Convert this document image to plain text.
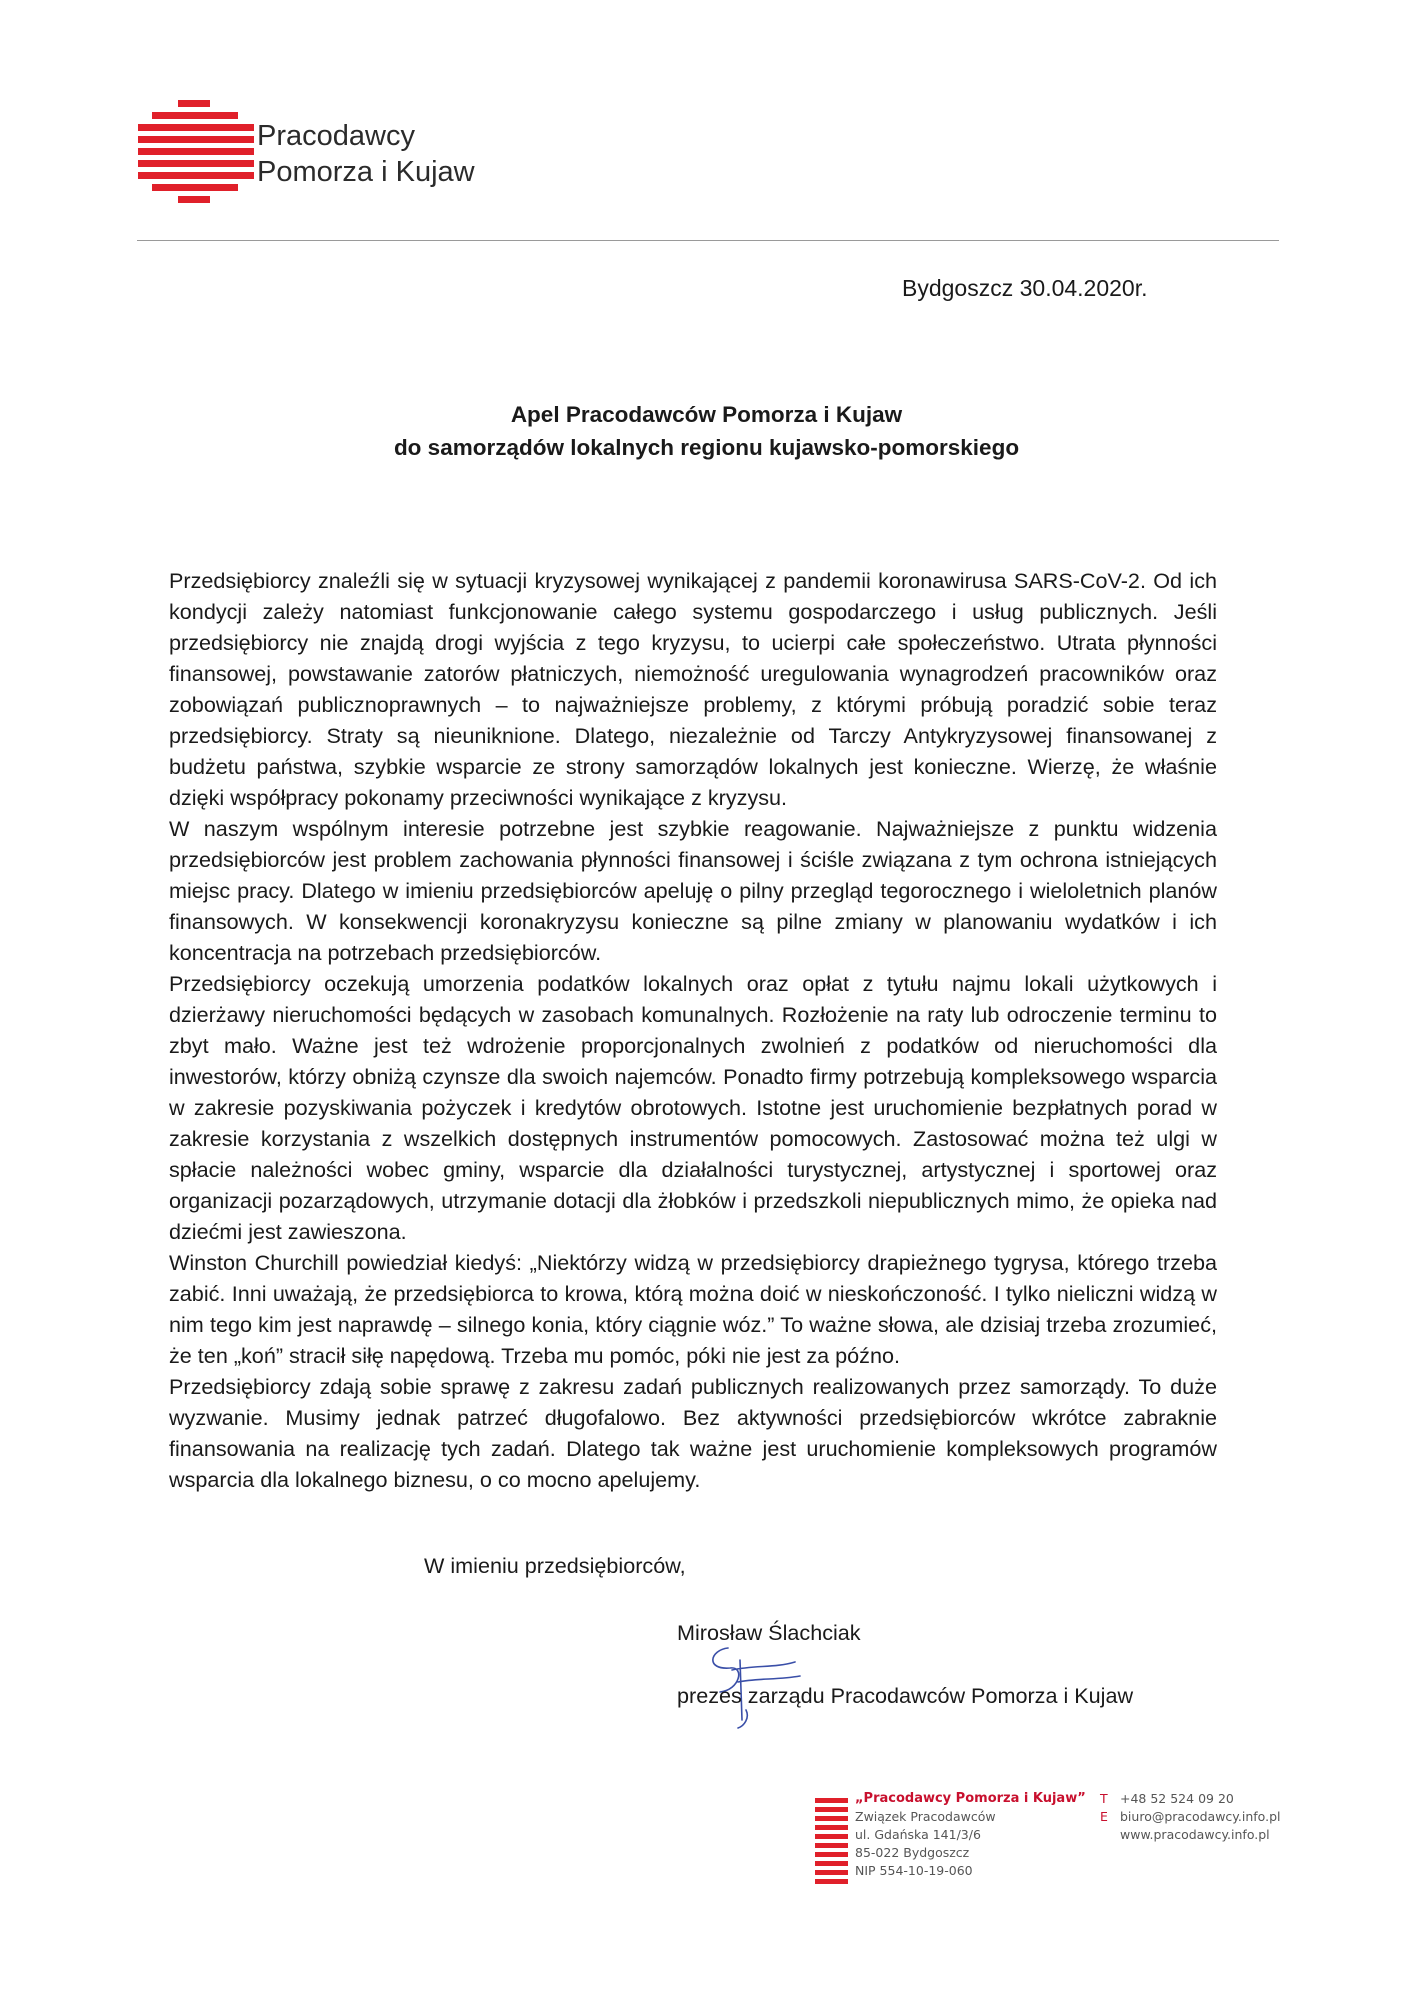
Pracodawcy
Pomorza i Kujaw
Bydgoszcz 30.04.2020r.
Apel Pracodawców Pomorza i Kujaw
do samorządów lokalnych regionu kujawsko-pomorskiego

Przedsiębiorcy znaleźli się w sytuacji kryzysowej wynikającej z pandemii koronawirusa SARS-CoV-2. Od ich kondycji zależy natomiast funkcjonowanie całego systemu gospodarczego i usług publicznych. Jeśli przedsiębiorcy nie znajdą drogi wyjścia z tego kryzysu, to ucierpi całe społeczeństwo. Utrata płynności finansowej, powstawanie zatorów płatniczych, niemożność uregulowania wynagrodzeń pracowników oraz zobowiązań publicznoprawnych – to najważniejsze problemy, z którymi próbują poradzić sobie teraz przedsiębiorcy. Straty są nieuniknione. Dlatego, niezależnie od Tarczy Antykryzysowej finansowanej z budżetu państwa, szybkie wsparcie ze strony samorządów lokalnych jest konieczne. Wierzę, że właśnie dzięki współpracy pokonamy przeciwności wynikające z kryzysu.

W naszym wspólnym interesie potrzebne jest szybkie reagowanie. Najważniejsze z punktu widzenia przedsiębiorców jest problem zachowania płynności finansowej i ściśle związana z tym ochrona istniejących miejsc pracy. Dlatego w imieniu przedsiębiorców apeluję o pilny przegląd tegorocznego i wieloletnich planów finansowych. W konsekwencji koronakryzysu konieczne są pilne zmiany w planowaniu wydatków i ich koncentracja na potrzebach przedsiębiorców.

Przedsiębiorcy oczekują umorzenia podatków lokalnych oraz opłat z tytułu najmu lokali użytkowych i dzierżawy nieruchomości będących w zasobach komunalnych. Rozłożenie na raty lub odroczenie terminu to zbyt mało. Ważne jest też wdrożenie proporcjonalnych zwolnień z podatków od nieruchomości dla inwestorów, którzy obniżą czynsze dla swoich najemców. Ponadto firmy potrzebują kompleksowego wsparcia w zakresie pozyskiwania pożyczek i kredytów obrotowych. Istotne jest uruchomienie bezpłatnych porad w zakresie korzystania z wszelkich dostępnych instrumentów pomocowych. Zastosować można też ulgi w spłacie należności wobec gminy, wsparcie dla działalności turystycznej, artystycznej i sportowej oraz organizacji pozarządowych, utrzymanie dotacji dla żłobków i przedszkoli niepublicznych mimo, że opieka nad dziećmi jest zawieszona.

Winston Churchill powiedział kiedyś: „Niektórzy widzą w przedsiębiorcy drapieżnego tygrysa, którego trzeba zabić. Inni uważają, że przedsiębiorca to krowa, którą można doić w nieskończoność. I tylko nieliczni widzą w nim tego kim jest naprawdę – silnego konia, który ciągnie wóz.” To ważne słowa, ale dzisiaj trzeba zrozumieć, że ten „koń” stracił siłę napędową. Trzeba mu pomóc, póki nie jest za późno.

Przedsiębiorcy zdają sobie sprawę z zakresu zadań publicznych realizowanych przez samorządy. To duże wyzwanie. Musimy jednak patrzeć długofalowo. Bez aktywności przedsiębiorców wkrótce zabraknie finansowania na realizację tych zadań. Dlatego tak ważne jest uruchomienie kompleksowych programów wsparcia dla lokalnego biznesu, o co mocno apelujemy.

W imieniu przedsiębiorców,
Mirosław Ślachciak
prezes zarządu Pracodawców Pomorza i Kujaw
„Pracodawcy Pomorza i Kujaw”
Związek Pracodawców
ul. Gdańska 141/3/6
85-022 Bydgoszcz
NIP 554-10-19-060
T +48 52 524 09 20
E biuro@pracodawcy.info.pl
www.pracodawcy.info.pl
